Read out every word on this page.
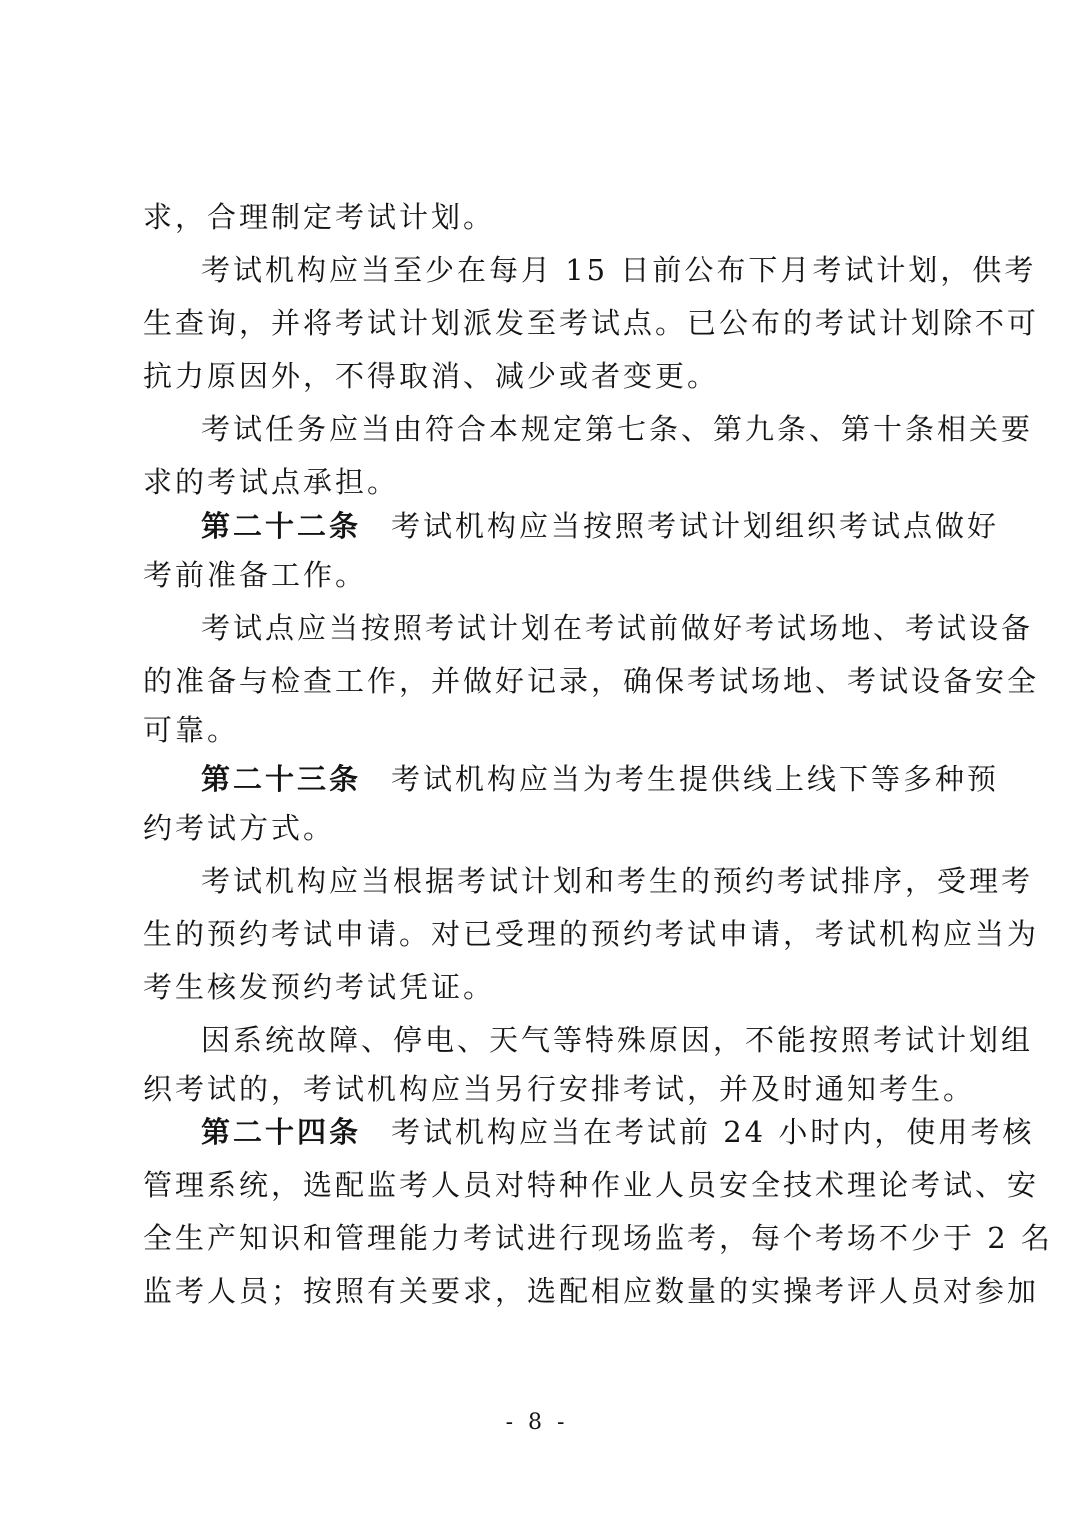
求，合理制定考试计划。
考试机构应当至少在每月 15 日前公布下月考试计划，供考
生查询，并将考试计划派发至考试点。已公布的考试计划除不可
抗力原因外，不得取消、减少或者变更。
考试任务应当由符合本规定第七条、第九条、第十条相关要
求的考试点承担。
第二十二条 考试机构应当按照考试计划组织考试点做好
考前准备工作。
考试点应当按照考试计划在考试前做好考试场地、考试设备
的准备与检查工作，并做好记录，确保考试场地、考试设备安全
可靠。
第二十三条 考试机构应当为考生提供线上线下等多种预
约考试方式。
考试机构应当根据考试计划和考生的预约考试排序，受理考
生的预约考试申请。对已受理的预约考试申请，考试机构应当为
考生核发预约考试凭证。
因系统故障、停电、天气等特殊原因，不能按照考试计划组
织考试的，考试机构应当另行安排考试，并及时通知考生。
第二十四条 考试机构应当在考试前 24 小时内，使用考核
管理系统，选配监考人员对特种作业人员安全技术理论考试、安
全生产知识和管理能力考试进行现场监考，每个考场不少于 2 名
监考人员；按照有关要求，选配相应数量的实操考评人员对参加
- 8 -
